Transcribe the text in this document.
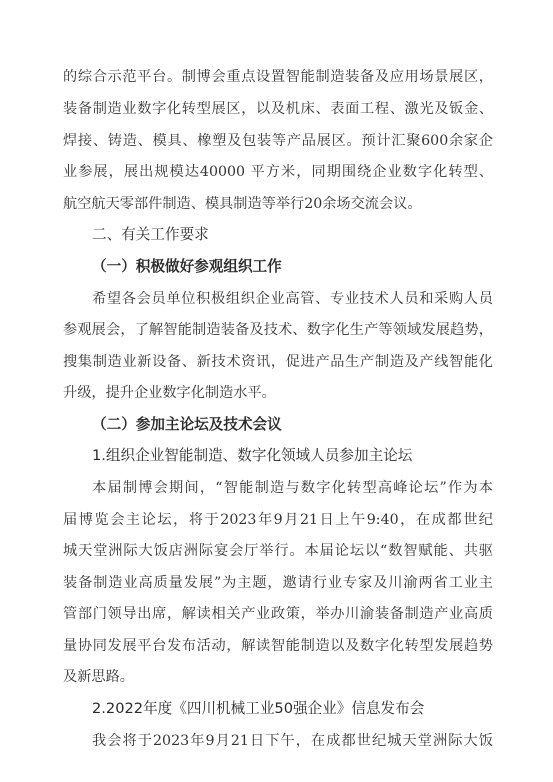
的综合示范平台。制博会重点设置智能制造装备及应用场景展区，
装备制造业数字化转型展区，以及机床、表面工程、激光及钣金、
焊接、铸造、模具、橡塑及包装等产品展区。预计汇聚600余家企
业参展，展出规模达40000 平方米，同期围绕企业数字化转型、
航空航天零部件制造、模具制造等举行20余场交流会议。
二、有关工作要求
（一）积极做好参观组织工作
希望各会员单位积极组织企业高管、专业技术人员和采购人员
参观展会，了解智能制造装备及技术、数字化生产等领域发展趋势，
搜集制造业新设备、新技术资讯，促进产品生产制造及产线智能化
升级，提升企业数字化制造水平。
（二）参加主论坛及技术会议
1.组织企业智能制造、数字化领域人员参加主论坛
本届制博会期间，“智能制造与数字化转型高峰论坛”作为本
届博览会主论坛，将于2023年9月21日上午9:40，在成都世纪
城天堂洲际大饭店洲际宴会厅举行。本届论坛以“数智赋能、共驱
装备制造业高质量发展”为主题，邀请行业专家及川渝两省工业主
管部门领导出席，解读相关产业政策，举办川渝装备制造产业高质
量协同发展平台发布活动，解读智能制造以及数字化转型发展趋势
及新思路。
2.2022年度《四川机械工业50强企业》信息发布会
我会将于2023年9月21日下午，在成都世纪城天堂洲际大饭
